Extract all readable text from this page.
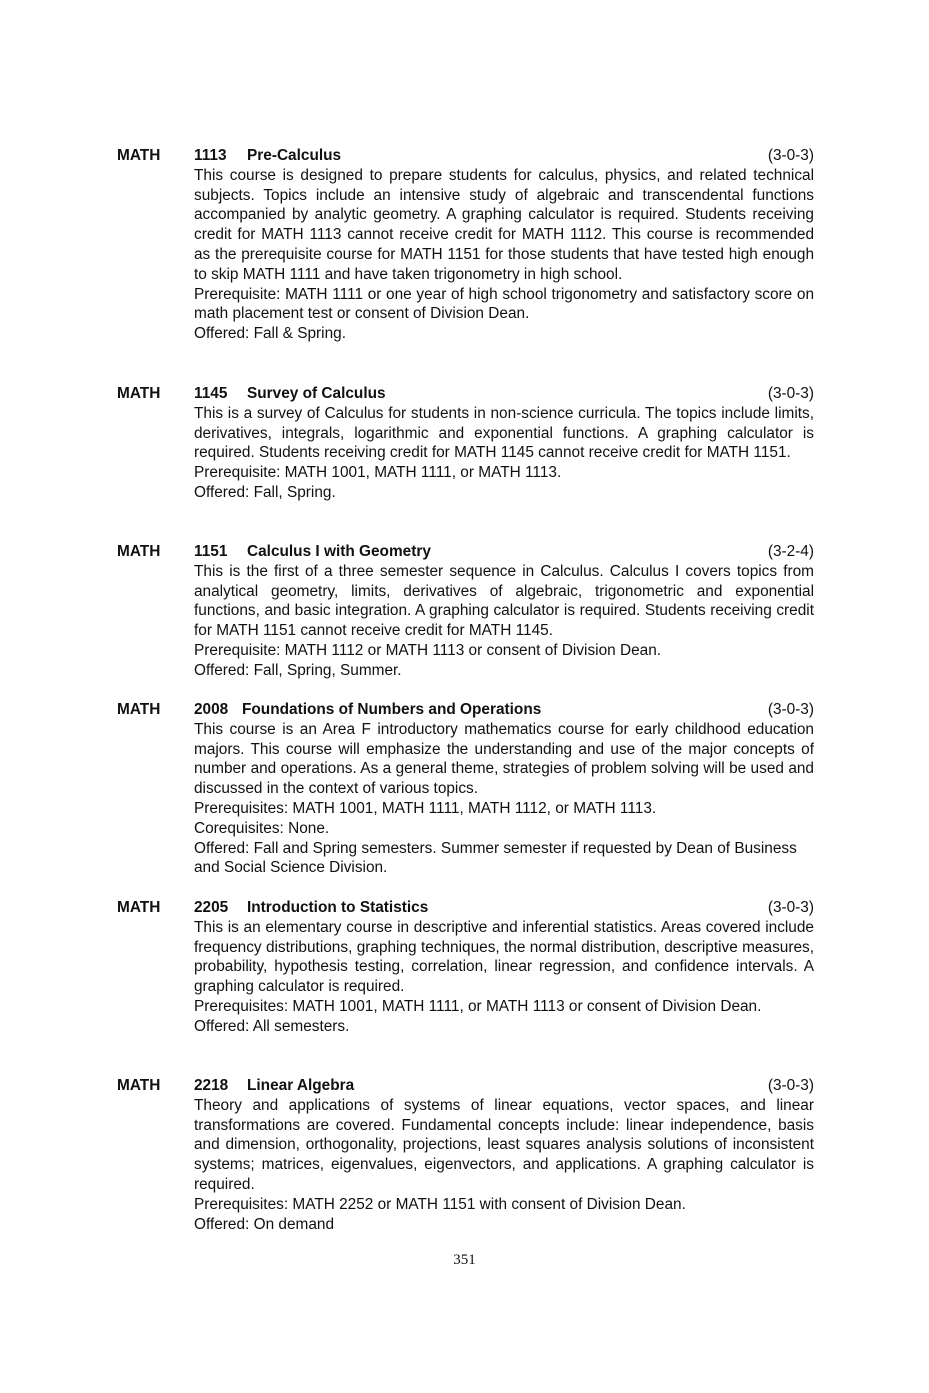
MATH 1113 Pre-Calculus	(3-0-3)

This course is designed to prepare students for calculus, physics, and related technical subjects. Topics include an intensive study of algebraic and transcendental functions accompanied by analytic geometry. A graphing calculator is required. Students receiving credit for MATH 1113 cannot receive credit for MATH 1112. This course is recommended as the prerequisite course for MATH 1151 for those students that have tested high enough to skip MATH 1111 and have taken trigonometry in high school.

Prerequisite: MATH 1111 or one year of high school trigonometry and satisfactory score on math placement test or consent of Division Dean.

Offered: Fall & Spring.

MATH 1145 Survey of Calculus	(3-0-3)

This is a survey of Calculus for students in non-science curricula. The topics include limits, derivatives, integrals, logarithmic and exponential functions. A graphing calculator is required. Students receiving credit for MATH 1145 cannot receive credit for MATH 1151.

Prerequisite: MATH 1001, MATH 1111, or MATH 1113.

Offered: Fall, Spring.

MATH 1151 Calculus I with Geometry	(3-2-4)

This is the first of a three semester sequence in Calculus. Calculus I covers topics from analytical geometry, limits, derivatives of algebraic, trigonometric and exponential functions, and basic integration. A graphing calculator is required. Students receiving credit for MATH 1151 cannot receive credit for MATH 1145.

Prerequisite: MATH 1112 or MATH 1113 or consent of Division Dean.

Offered: Fall, Spring, Summer.

MATH 2008 Foundations of Numbers and Operations	(3-0-3)

This course is an Area F introductory mathematics course for early childhood education majors. This course will emphasize the understanding and use of the major concepts of number and operations. As a general theme, strategies of problem solving will be used and discussed in the context of various topics.

Prerequisites: MATH 1001, MATH 1111, MATH 1112, or MATH 1113.

Corequisites: None.

Offered: Fall and Spring semesters. Summer semester if requested by Dean of Business and Social Science Division.

MATH 2205 Introduction to Statistics	(3-0-3)

This is an elementary course in descriptive and inferential statistics. Areas covered include frequency distributions, graphing techniques, the normal distribution, descriptive measures, probability, hypothesis testing, correlation, linear regression, and confidence intervals. A graphing calculator is required.

Prerequisites: MATH 1001, MATH 1111, or MATH 1113 or consent of Division Dean.

Offered: All semesters.

MATH 2218 Linear Algebra	(3-0-3)

Theory and applications of systems of linear equations, vector spaces, and linear transformations are covered. Fundamental concepts include: linear independence, basis and dimension, orthogonality, projections, least squares analysis solutions of inconsistent systems; matrices, eigenvalues, eigenvectors, and applications. A graphing calculator is required.

Prerequisites: MATH 2252 or MATH 1151 with consent of Division Dean.

Offered: On demand

351
